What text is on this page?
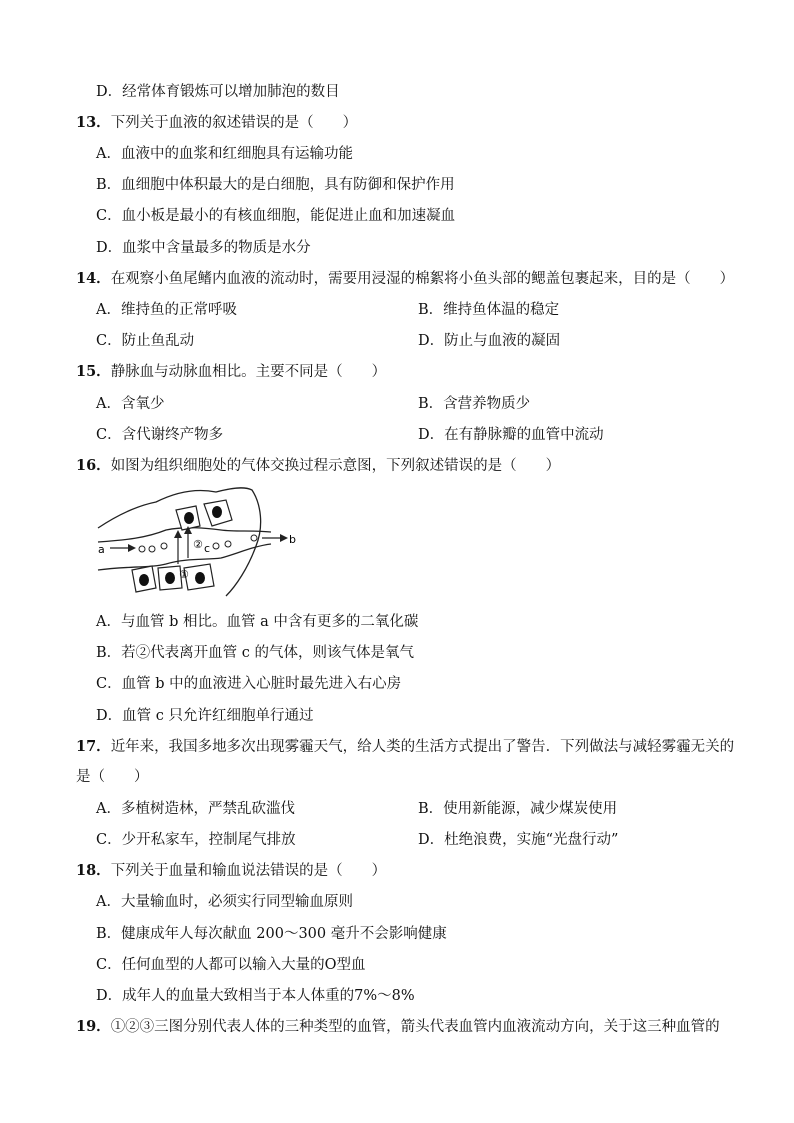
D．经常体育锻炼可以增加肺泡的数目
13．下列关于血液的叙述错误的是（　　）
A．血液中的血浆和红细胞具有运输功能
B．血细胞中体积最大的是白细胞，具有防御和保护作用
C．血小板是最小的有核血细胞，能促进止血和加速凝血
D．血浆中含量最多的物质是水分
14．在观察小鱼尾鳍内血液的流动时，需要用浸湿的棉絮将小鱼头部的鳃盖包裹起来，目的是（　　）
A．维持鱼的正常呼吸	B．维持鱼体温的稳定
C．防止鱼乱动	D．防止与血液的凝固
15．静脉血与动脉血相比。主要不同是（　　）
A．含氧少	B．含营养物质少
C．含代谢终产物多	D．在有静脉瓣的血管中流动
16．如图为组织细胞处的气体交换过程示意图，下列叙述错误的是（　　）
a
b
c
①
②
A．与血管 b 相比。血管 a 中含有更多的二氧化碳
B．若②代表离开血管 c 的气体，则该气体是氧气
C．血管 b 中的血液进入心脏时最先进入右心房
D．血管 c 只允许红细胞单行通过
17．近年来，我国多地多次出现雾霾天气，给人类的生活方式提出了警告．下列做法与减轻雾霾无关的
是（　　）
A．多植树造林，严禁乱砍滥伐	B．使用新能源，减少煤炭使用
C．少开私家车，控制尾气排放	D．杜绝浪费，实施“光盘行动”
18．下列关于血量和输血说法错误的是（　　）
A．大量输血时，必须实行同型输血原则
B．健康成年人每次献血 200～300 毫升不会影响健康
C．任何血型的人都可以输入大量的O型血
D．成年人的血量大致相当于本人体重的7%～8%
19．①②③三图分别代表人体的三种类型的血管，箭头代表血管内血液流动方向，关于这三种血管的
